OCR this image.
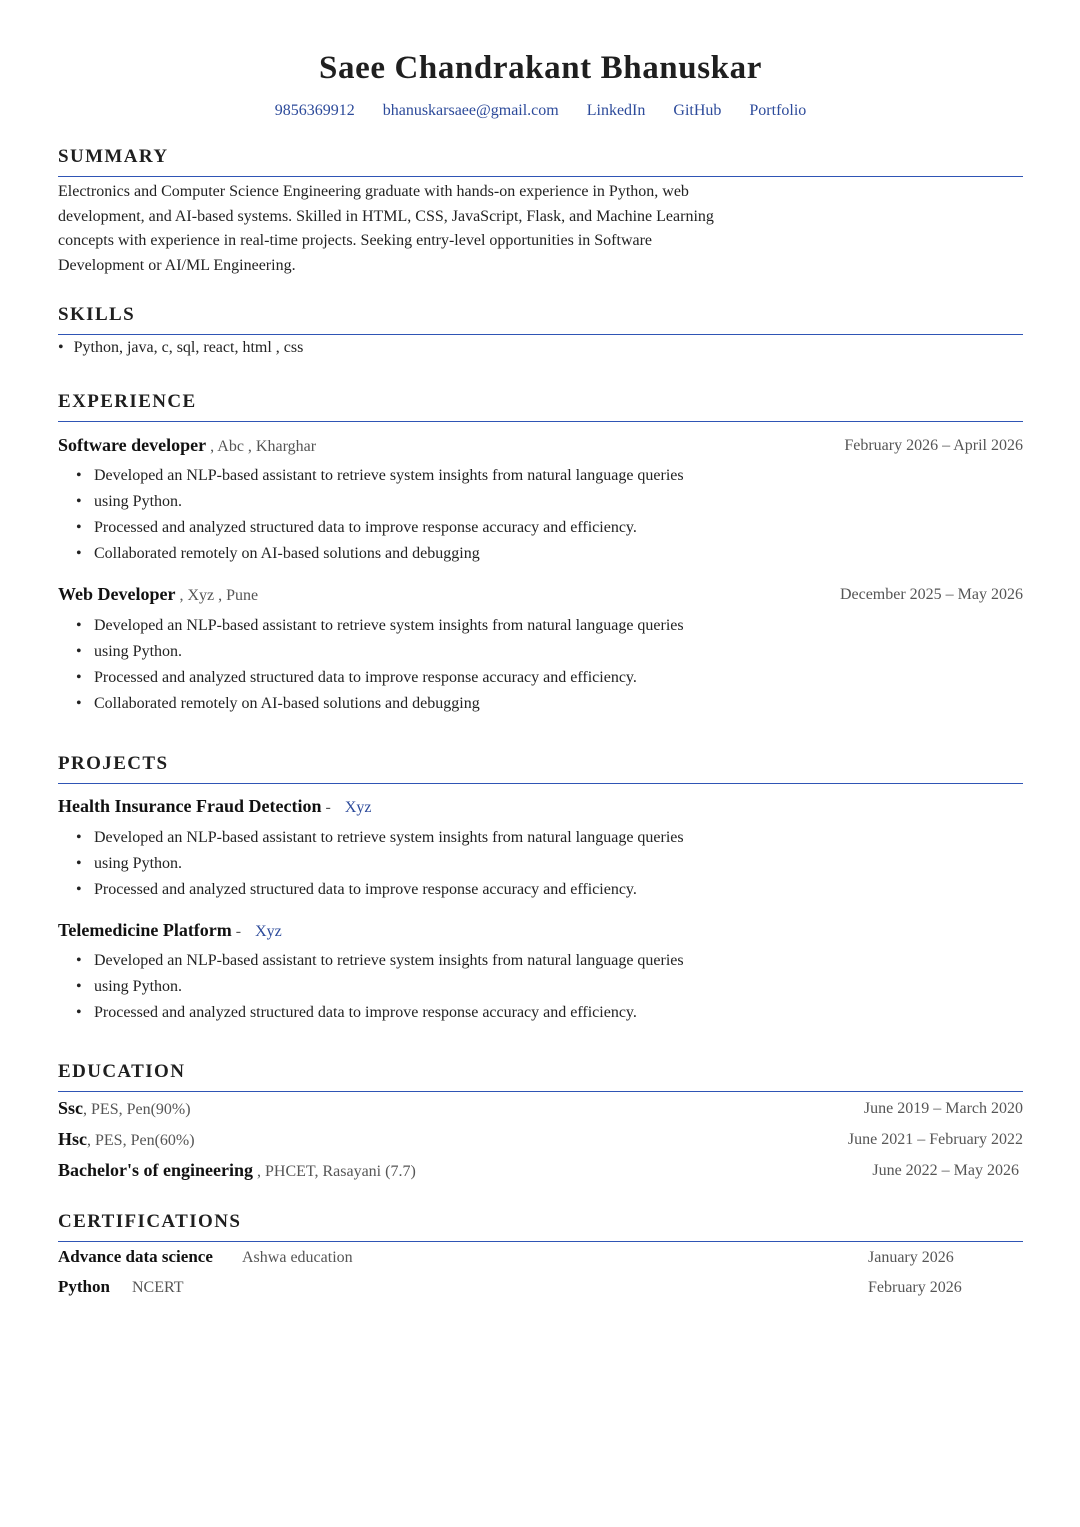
Saee Chandrakant Bhanuskar
9856369912 bhanuskarsaee@gmail.com LinkedIn GitHub Portfolio
SUMMARY
Electronics and Computer Science Engineering graduate with hands-on experience in Python, web
development, and AI-based systems. Skilled in HTML, CSS, JavaScript, Flask, and Machine Learning
concepts with experience in real-time projects. Seeking entry-level opportunities in Software
Development or AI/ML Engineering.
SKILLS
• Python, java, c, sql, react, html , css
EXPERIENCE
Software developer , Abc , Kharghar	February 2026 – April 2026
• Developed an NLP-based assistant to retrieve system insights from natural language queries
• using Python.
• Processed and analyzed structured data to improve response accuracy and efficiency.
• Collaborated remotely on AI-based solutions and debugging
Web Developer , Xyz , Pune	December 2025 – May 2026
• Developed an NLP-based assistant to retrieve system insights from natural language queries
• using Python.
• Processed and analyzed structured data to improve response accuracy and efficiency.
• Collaborated remotely on AI-based solutions and debugging
PROJECTS
Health Insurance Fraud Detection - Xyz
• Developed an NLP-based assistant to retrieve system insights from natural language queries
• using Python.
• Processed and analyzed structured data to improve response accuracy and efficiency.
Telemedicine Platform - Xyz
• Developed an NLP-based assistant to retrieve system insights from natural language queries
• using Python.
• Processed and analyzed structured data to improve response accuracy and efficiency.
EDUCATION
Ssc, PES, Pen(90%)	June 2019 – March 2020
Hsc, PES, Pen(60%)	June 2021 – February 2022
Bachelor's of engineering , PHCET, Rasayani (7.7)	June 2022 – May 2026
CERTIFICATIONS
Advance data science Ashwa education	January 2026
Python NCERT	February 2026
